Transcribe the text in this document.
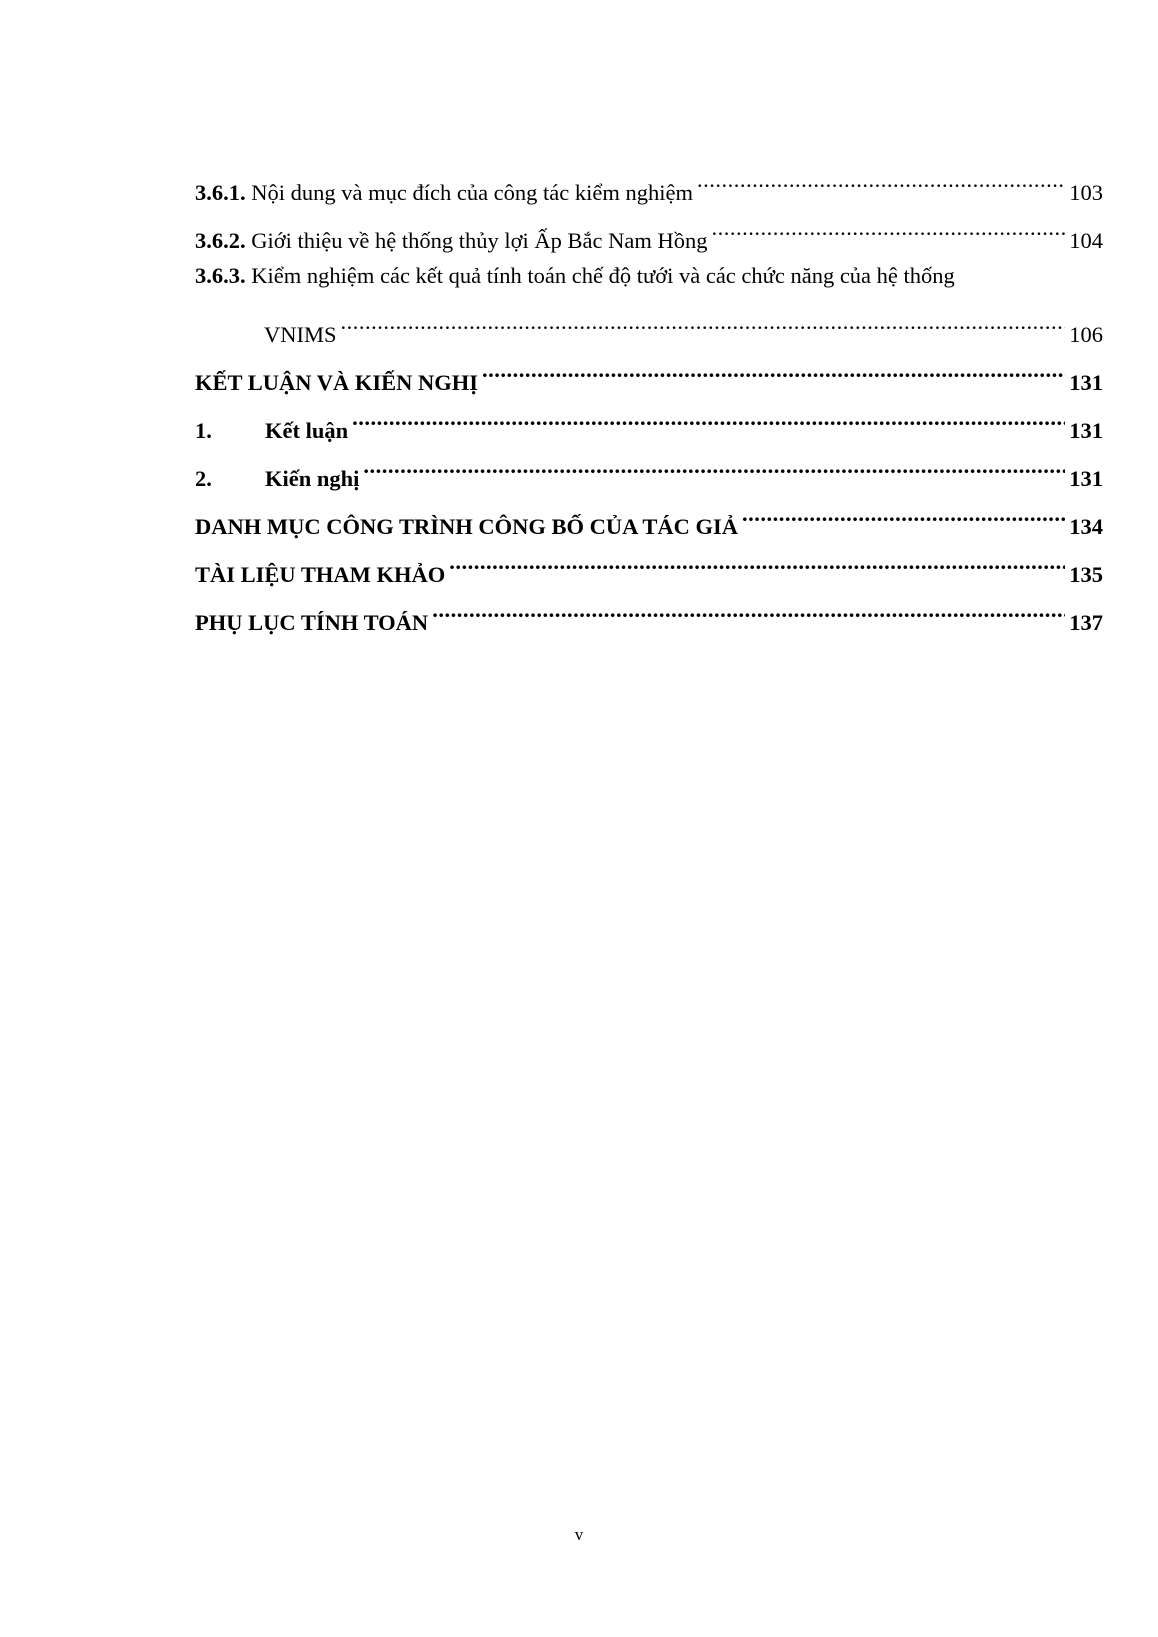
3.6.1. Nội dung và mục đích của công tác kiểm nghiệm .....	103
3.6.2. Giới thiệu về hệ thống thủy lợi Ấp Bắc Nam Hồng .....	104
3.6.3. Kiểm nghiệm các kết quả tính toán chế độ tưới và các chức năng của hệ thống
VNIMS .....	106
KẾT LUẬN VÀ KIẾN NGHỊ .....	131
1. Kết luận .....	131
2. Kiến nghị .....	131
DANH MỤC CÔNG TRÌNH CÔNG BỐ CỦA TÁC GIẢ .....	134
TÀI LIỆU THAM KHẢO .....	135
PHỤ LỤC TÍNH TOÁN .....	137
v
